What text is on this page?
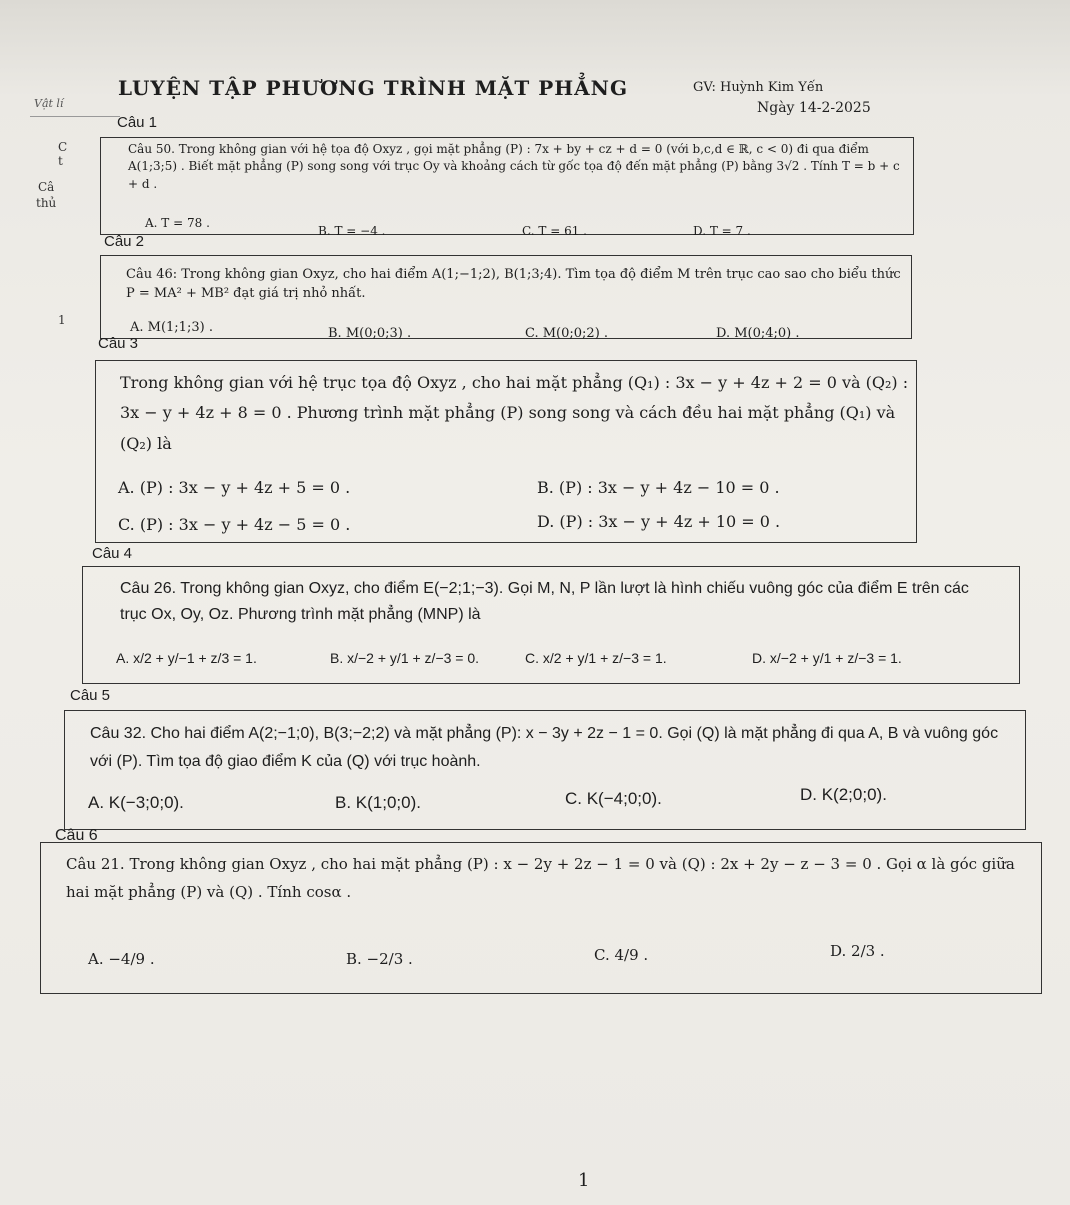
LUYỆN TẬP PHƯƠNG TRÌNH MẶT PHẲNG	GV: Huỳnh Kim Yến
Ngày 14-2-2025
Vật lí
C
t
Câ
thủ
1
Câu 1
Câu 50. Trong không gian với hệ tọa độ Oxyz , gọi mặt phẳng (P) : 7x + by + cz + d = 0 (với b,c,d ∈ ℝ, c < 0) đi qua điểm A(1;3;5) . Biết mặt phẳng (P) song song với trục Oy và khoảng cách từ gốc tọa độ đến mặt phẳng (P) bằng 3√2 . Tính T = b + c + d .
A. T = 78 .
B. T = −4 .	C. T = 61 .	D. T = 7 .
Câu 2
Câu 46: Trong không gian Oxyz, cho hai điểm A(1;−1;2), B(1;3;4). Tìm tọa độ điểm M trên trục cao sao cho biểu thức P = MA² + MB² đạt giá trị nhỏ nhất.
A. M(1;1;3) .	B. M(0;0;3) .	C. M(0;0;2) .	D. M(0;4;0) .
Câu 3
Trong không gian với hệ trục tọa độ Oxyz , cho hai mặt phẳng (Q₁) : 3x − y + 4z + 2 = 0 và (Q₂) : 3x − y + 4z + 8 = 0 . Phương trình mặt phẳng (P) song song và cách đều hai mặt phẳng (Q₁) và (Q₂) là
A. (P) : 3x − y + 4z + 5 = 0 .	B. (P) : 3x − y + 4z − 10 = 0 .
C. (P) : 3x − y + 4z − 5 = 0 .	D. (P) : 3x − y + 4z + 10 = 0 .
Câu 4
Câu 26. Trong không gian Oxyz, cho điểm E(−2;1;−3). Gọi M, N, P lần lượt là hình chiếu vuông góc của điểm E trên các trục Ox, Oy, Oz. Phương trình mặt phẳng (MNP) là
A. x/2 + y/−1 + z/3 = 1.	B. x/−2 + y/1 + z/−3 = 0.	C. x/2 + y/1 + z/−3 = 1.	D. x/−2 + y/1 + z/−3 = 1.
Câu 5
Câu 32. Cho hai điểm A(2;−1;0), B(3;−2;2) và mặt phẳng (P): x − 3y + 2z − 1 = 0. Gọi (Q) là mặt phẳng đi qua A, B và vuông góc với (P). Tìm tọa độ giao điểm K của (Q) với trục hoành.
A. K(−3;0;0).	B. K(1;0;0).	C. K(−4;0;0).	D. K(2;0;0).
Câu 6
Câu 21. Trong không gian Oxyz , cho hai mặt phẳng (P) : x − 2y + 2z − 1 = 0 và (Q) : 2x + 2y − z − 3 = 0 . Gọi α là góc giữa hai mặt phẳng (P) và (Q) . Tính cosα .
A. −4/9 .	B. −2/3 .	C. 4/9 .	D. 2/3 .
1
